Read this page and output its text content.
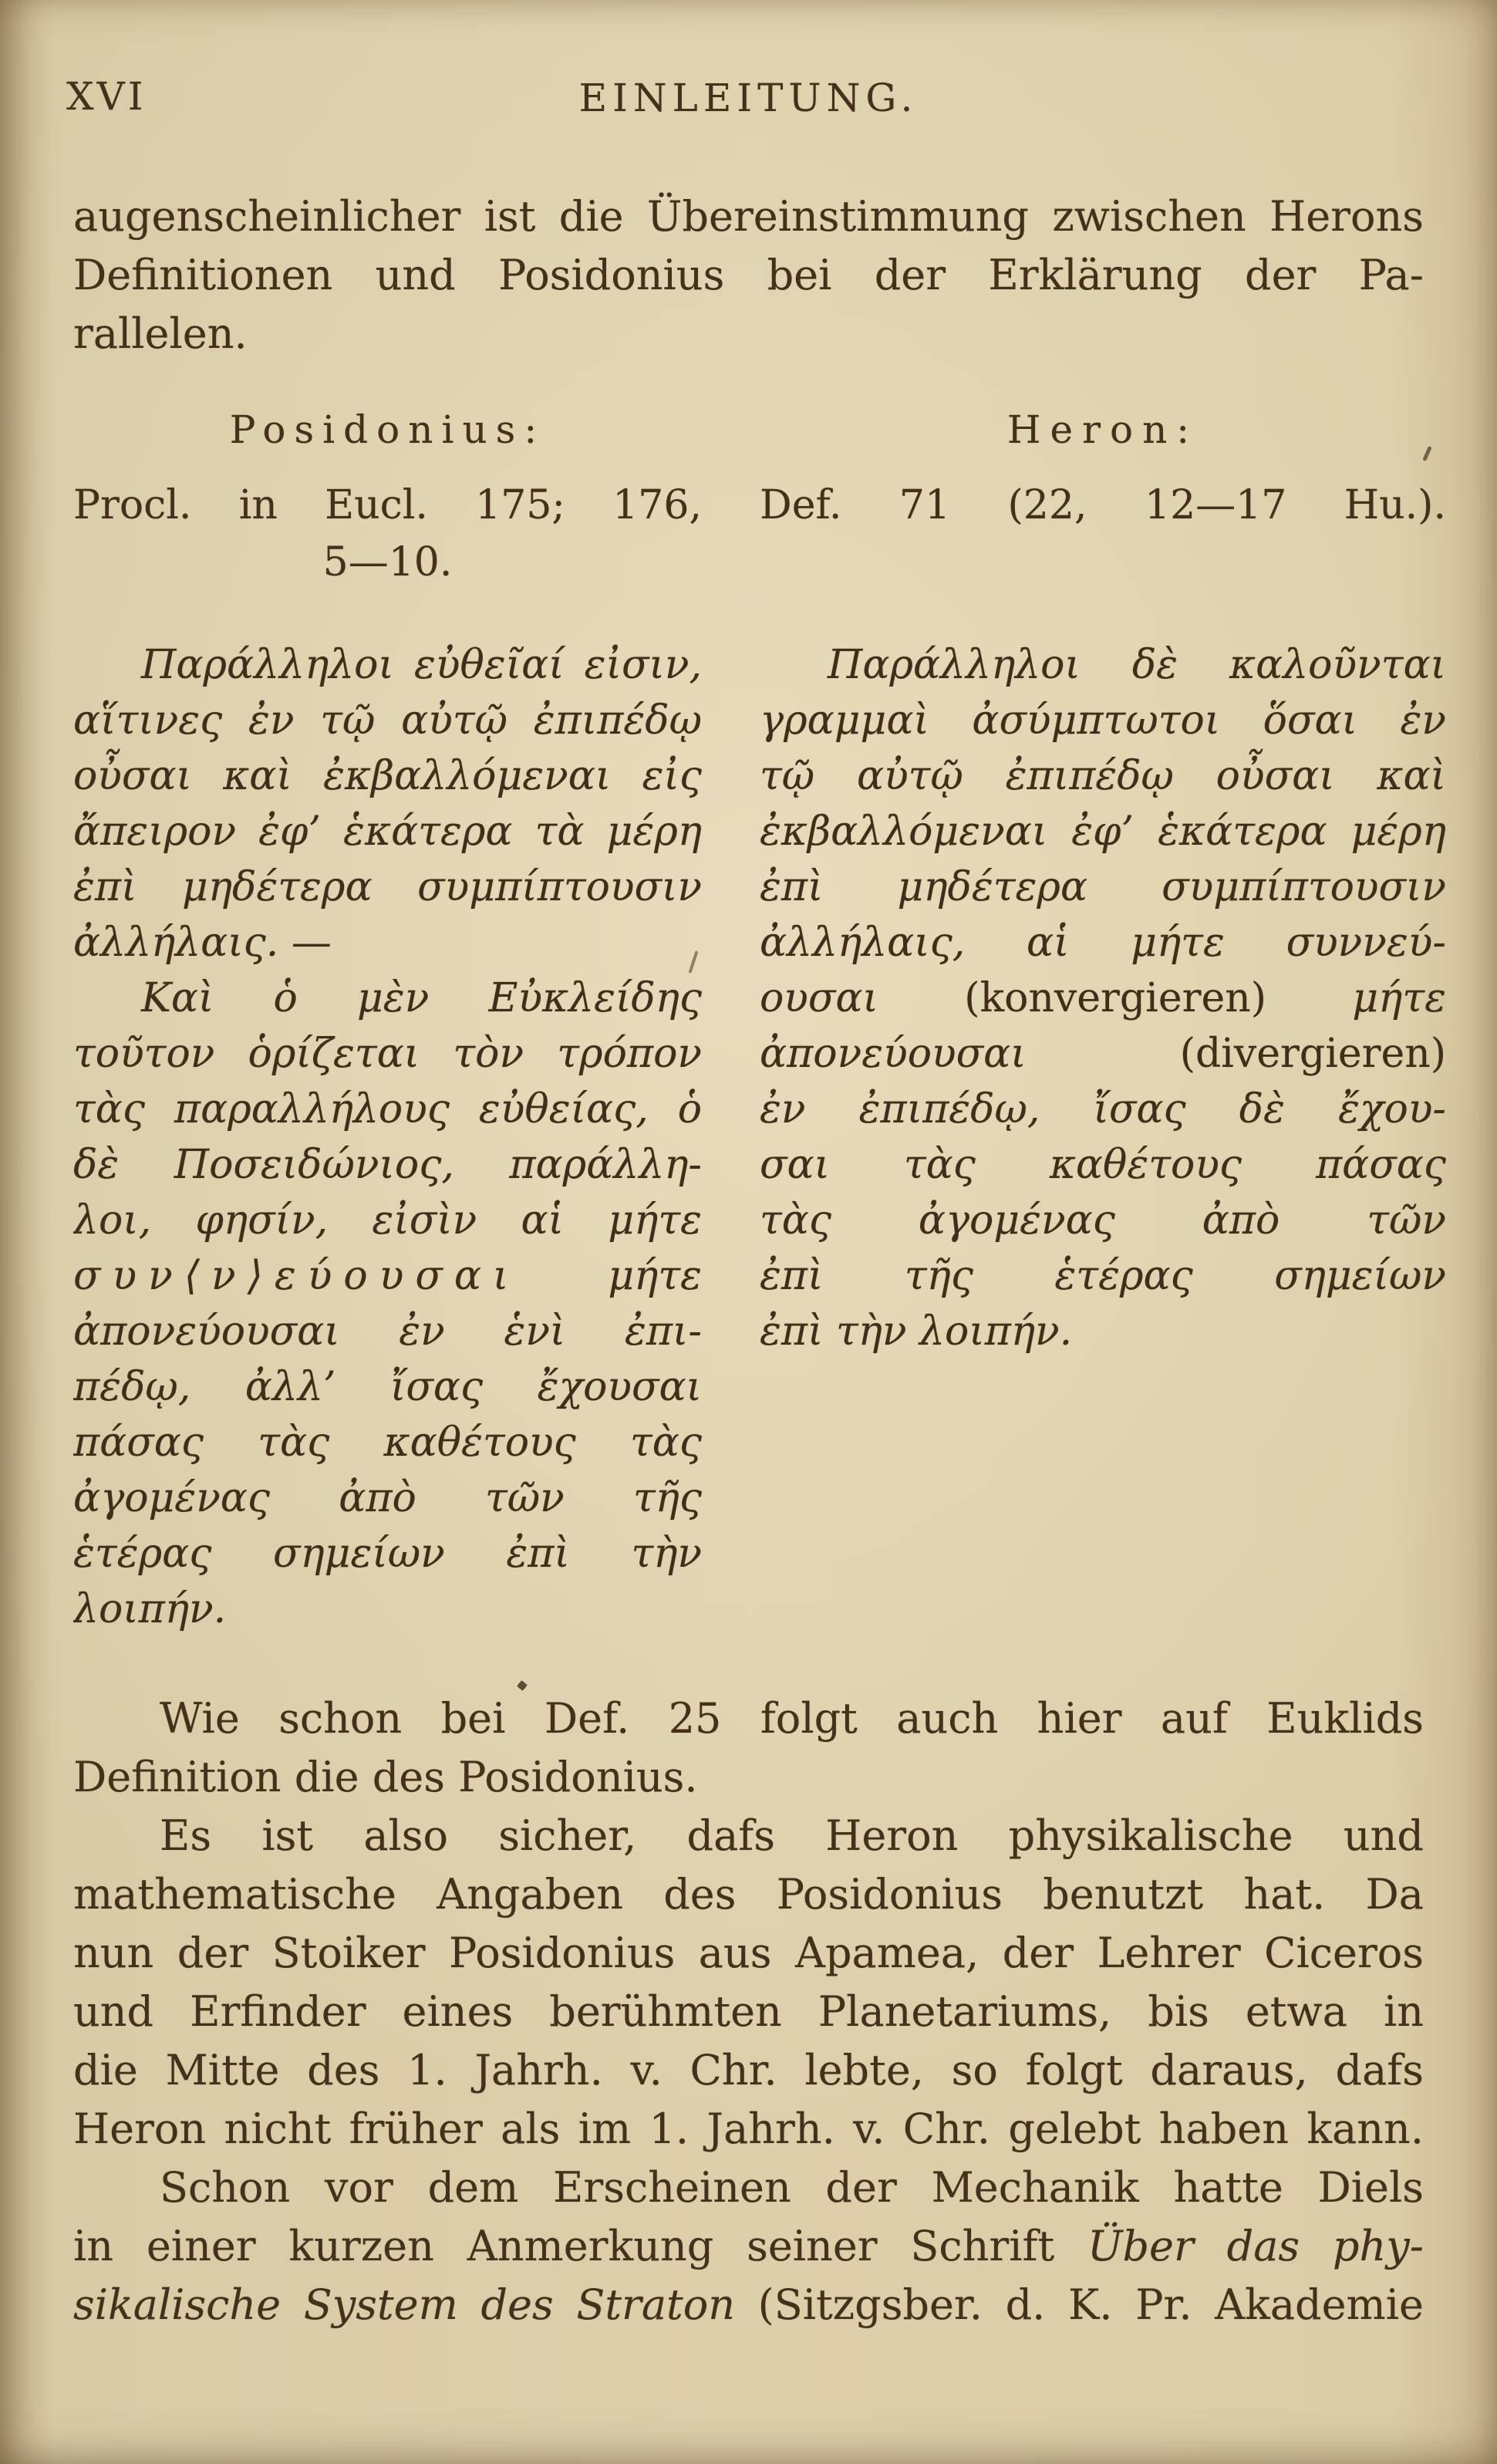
XVI	EINLEITUNG.
augenscheinlicher ist die Übereinstimmung zwischen Herons
Definitionen und Posidonius bei der Erklärung der Pa-
rallelen.
Posidonius:	Heron:
Procl. in Eucl. 175; 176,
5—10.
Def. 71 (22, 12—17 Hu.).
Παράλληλοι εὐθεῖαί εἰσιν,
αἵτινες ἐν τῷ αὐτῷ ἐπιπέδῳ
οὖσαι καὶ ἐκβαλλόμεναι εἰς
ἄπειρον ἐφ’ ἑκάτερα τὰ μέρη
ἐπὶ μηδέτερα συμπίπτουσιν
ἀλλήλαις. —
Καὶ ὁ μὲν Εὐκλείδης
τοῦτον ὁρίζεται τὸν τρόπον
τὰς παραλλήλους εὐθείας, ὁ
δὲ Ποσειδώνιος, παράλλη-
λοι, φησίν, εἰσὶν αἱ μήτε
συν⟨ν⟩εύουσαι μήτε
ἀπονεύουσαι ἐν ἑνὶ ἐπι-
πέδῳ, ἀλλ’ ἴσας ἔχουσαι
πάσας τὰς καθέτους τὰς
ἀγομένας ἀπὸ τῶν τῆς
ἑτέρας σημείων ἐπὶ τὴν
λοιπήν.
Παράλληλοι δὲ καλοῦνται
γραμμαὶ ἀσύμπτωτοι ὅσαι ἐν
τῷ αὐτῷ ἐπιπέδῳ οὖσαι καὶ
ἐκβαλλόμεναι ἐφ’ ἑκάτερα μέρη
ἐπὶ μηδέτερα συμπίπτουσιν
ἀλλήλαις, αἱ μήτε συννεύ-
ουσαι (konvergieren) μήτε
ἀπονεύουσαι (divergieren)
ἐν ἐπιπέδῳ, ἴσας δὲ ἔχου-
σαι τὰς καθέτους πάσας
τὰς ἀγομένας ἀπὸ τῶν
ἐπὶ τῆς ἑτέρας σημείων
ἐπὶ τὴν λοιπήν.
Wie schon bei Def. 25 folgt auch hier auf Euklids
Definition die des Posidonius.
Es ist also sicher, dafs Heron physikalische und
mathematische Angaben des Posidonius benutzt hat. Da
nun der Stoiker Posidonius aus Apamea, der Lehrer Ciceros
und Erfinder eines berühmten Planetariums, bis etwa in
die Mitte des 1. Jahrh. v. Chr. lebte, so folgt daraus, dafs
Heron nicht früher als im 1. Jahrh. v. Chr. gelebt haben kann.
Schon vor dem Erscheinen der Mechanik hatte Diels
in einer kurzen Anmerkung seiner Schrift Über das phy-
sikalische System des Straton (Sitzgsber. d. K. Pr. Akademie
